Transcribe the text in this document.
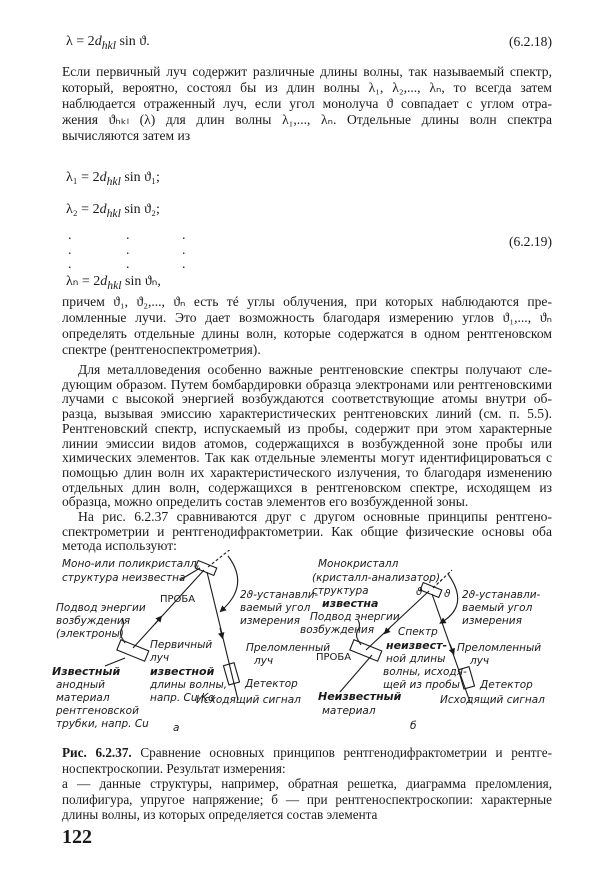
$\lambda = 2d_{hkl}$ sin ϑ.	(6.2.18)
Если первичный луч содержит различные длины волны, так называемый спектр,
который, вероятно, состоял бы из длин волны λ₁, λ₂,..., λₙ, то всегда затем
наблюдается отраженный луч, если угол монолуча ϑ совпадает с углом отра-
жения ϑₕₖₗ (λ) для длин волны λ₁,..., λₙ. Отдельные длины волн спектра
вычисляются затем из
$\lambda_1 = 2d_{hkl}$ sin ϑ₁;
$\lambda_2 = 2d_{hkl}$ sin ϑ₂;
.	.	.
.	.	.
.	.	.
(6.2.19)
$\lambda_n = 2d_{hkl}$ sin ϑₙ,
причем ϑ₁, ϑ₂,..., ϑₙ есть тé углы облучения, при которых наблюдаются пре-
ломленные лучи. Это дает возможность благодаря измерению углов ϑ₁,..., ϑₙ
определять отдельные длины волн, которые содержатся в одном рентгеновском
спектре (рентгеноспектрометрия).
Для металловедения особенно важные рентгеновские спектры получают сле-
дующим образом. Путем бомбардировки образца электронами или рентгеновскими
лучами с высокой энергией возбуждаются соответствующие атомы внутри об-
разца, вызывая эмиссию характеристических рентгеновских линий (см. п. 5.5).
Рентгеновский спектр, испускаемый из пробы, содержит при этом характерные
линии эмиссии видов атомов, содержащихся в возбужденной зоне пробы или
химических элементов. Так как отдельные элементы могут идентифицироваться с
помощью длин волн их характеристического излучения, то благодаря изменению
отдельных длин волн, содержащихся в рентгеновском спектре, исходящем из
образца, можно определить состав элементов его возбужденной зоны.
На рис. 6.2.37 сравниваются друг с другом основные принципы рентгено-
спектрометрии и рентгенодифрактометрии. Как общие физические основы оба
метода используют:
Моно-или поликристалл,
структура неизвестна
ПРОБА	2ϑ-устанавли-
ваемый угол
измерения
Подвод энергии
возбуждения
(электроны)
Первичный
луч
известной
длины волны,
напр. Cu-Kα
Преломленный
луч
Известный
анодный
материал
рентгеновской
трубки, напр. Cu
Детектор
Исходящий сигнал
а
ϑ ϑ
Монокристалл
(кристалл-анализатор),
структура
известна
Подвод энергии
возбуждения
2ϑ-устанавли-
ваемый угол
измерения
Спектр
неизвест-
ной длины
волны, исходя-
щей из пробы
Преломленный
луч
ПРОБА
Детектор
Неизвестный
материал
Исходящий сигнал
б
Рис. 6.2.37. Сравнение основных принципов рентгенодифрактометрии и рентге-
носпектроскопии. Результат измерения:
а — данные структуры, например, обратная решетка, диаграмма преломления,
полифигура, упругое напряжение; б — при рентгеноспектроскопии: характерные
длины волны, из которых определяется состав элемента
122
